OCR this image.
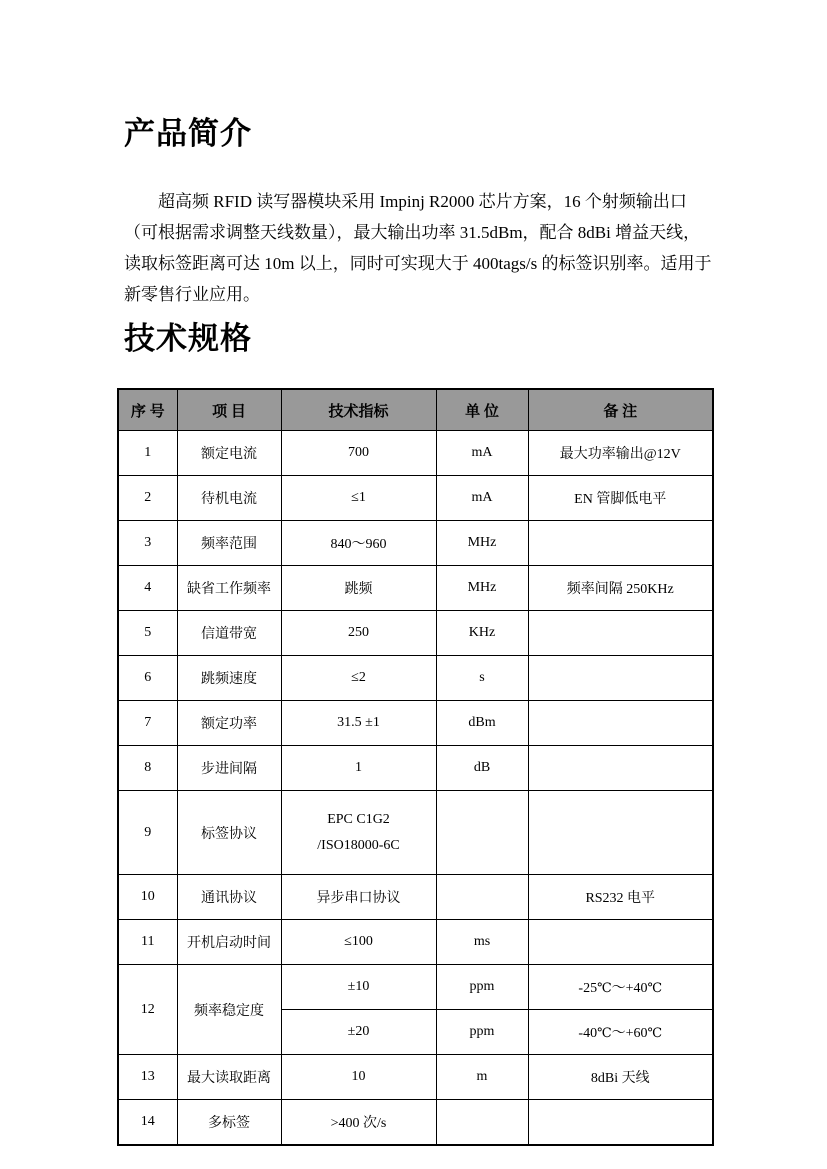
产品简介
超高频 RFID 读写器模块采用 Impinj R2000 芯片方案，16 个射频输出口
（可根据需求调整天线数量），最大输出功率 31.5dBm，配合 8dBi 增益天线，
读取标签距离可达 10m 以上，同时可实现大于 400tags/s 的标签识别率。适用于
新零售行业应用。
技术规格
序 号	项 目	技术指标	单 位	备 注
1	额定电流	700	mA	最大功率输出@12V
2	待机电流	≤1	mA	EN 管脚低电平
3	频率范围	840～960	MHz	
4	缺省工作频率	跳频	MHz	频率间隔 250KHz
5	信道带宽	250	KHz	
6	跳频速度	≤2	s	
7	额定功率	31.5 ±1	dBm	
8	步进间隔	1	dB	
9	标签协议	EPC C1G2
/ISO18000-6C		

10	通讯协议	异步串口协议		RS232 电平
11	开机启动时间	≤100	ms	
12	频率稳定度	±10	ppm	-25℃～+40℃
		±20	ppm	-40℃～+60℃
13	最大读取距离	10	m	8dBi 天线
14	多标签	>400 次/s		
